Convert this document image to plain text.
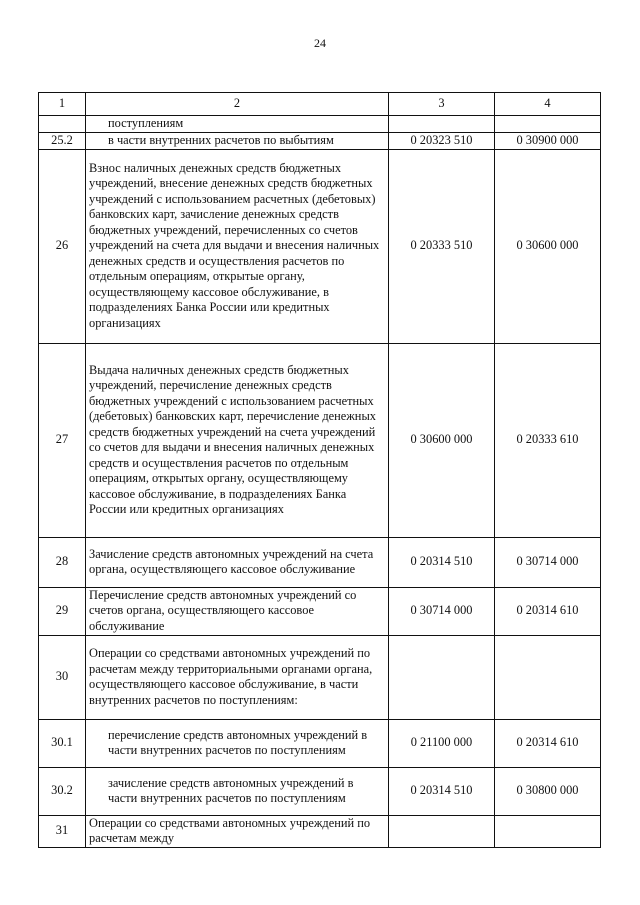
24
1	2	3	4
	поступлениям		
25.2	в части внутренних расчетов по выбытиям	0 20323 510	0 30900 000
26	Взнос наличных денежных средств бюджетных учреждений, внесение денежных средств бюджетных учреждений с использованием расчетных (дебетовых) банковских карт, зачисление денежных средств бюджетных учреждений, перечисленных со счетов учреждений на счета для выдачи и внесения наличных денежных средств и осуществления расчетов по отдельным операциям, открытые органу, осуществляющему кассовое обслуживание, в подразделениях Банка России или кредитных организациях	0 20333 510	0 30600 000
27	Выдача наличных денежных средств бюджетных учреждений, перечисление денежных средств бюджетных учреждений с использованием расчетных (дебетовых) банковских карт, перечисление денежных средств бюджетных учреждений на счета учреждений со счетов для выдачи и внесения наличных денежных средств и осуществления расчетов по отдельным операциям, открытых органу, осуществляющему кассовое обслуживание, в подразделениях Банка России или кредитных организациях	0 30600 000	0 20333 610
28	Зачисление средств автономных учреждений на счета органа, осуществляющего кассовое обслуживание	0 20314 510	0 30714 000
29	Перечисление средств автономных учреждений со счетов органа, осуществляющего кассовое обслуживание	0 30714 000	0 20314 610
30	Операции со средствами автономных учреждений по расчетам между территориальными органами органа, осуществляющего кассовое обслуживание, в части внутренних расчетов по поступлениям:		
30.1	перечисление средств автономных учреждений в части внутренних расчетов по поступлениям	0 21100 000	0 20314 610
30.2	зачисление средств автономных учреждений в части внутренних расчетов по поступлениям	0 20314 510	0 30800 000
31	Операции со средствами автономных учреждений по расчетам между		
